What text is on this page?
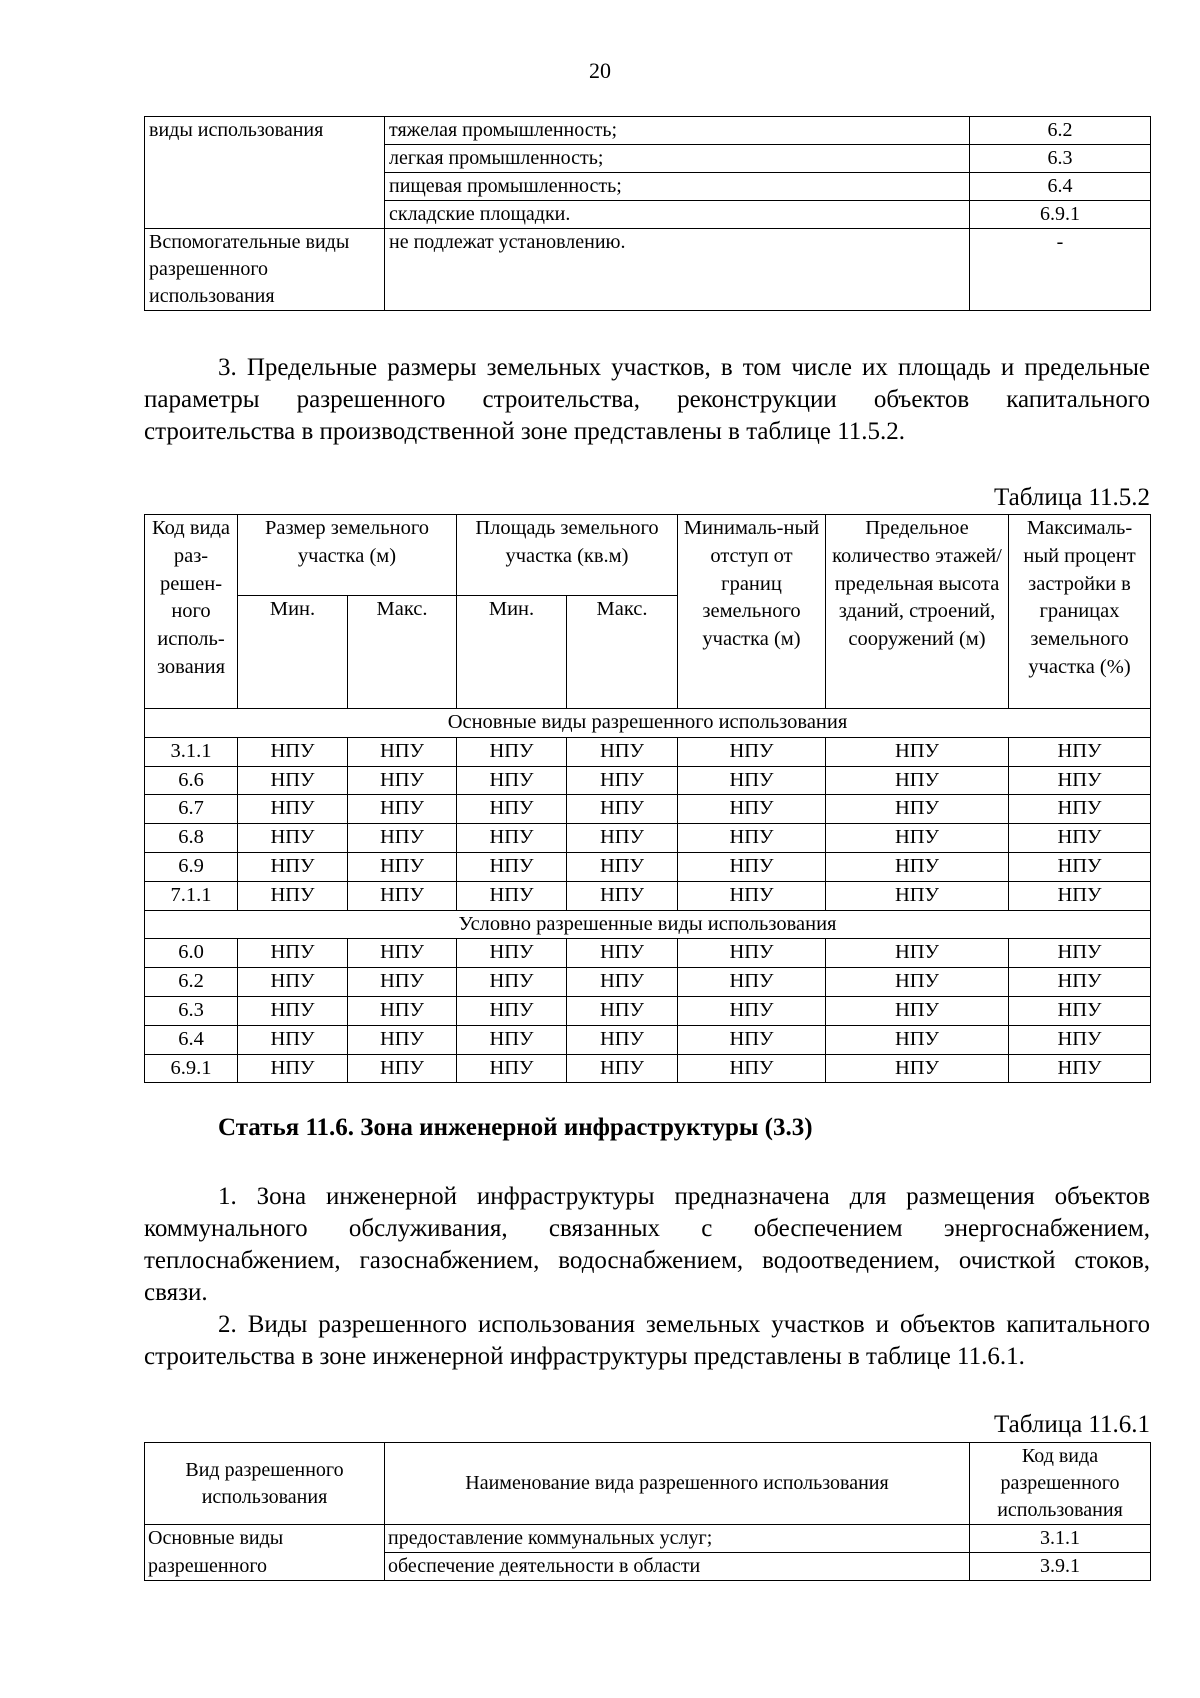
20
виды использования	тяжелая промышленность;	6.2
	легкая промышленность;	6.3
	пищевая промышленность;	6.4
	складские площадки.	6.9.1
Вспомогательные виды разрешенного использования	не подлежат установлению.	-

3. Предельные размеры земельных участков, в том числе их площадь и предельные параметры разрешенного строительства, реконструкции объектов капитального строительства в производственной зоне представлены в таблице 11.5.2.

Таблица 11.5.2

Код вида раз-решен-ного исполь-зования	Размер земельного участка (м)		Площадь земельного участка (кв.м)		Минималь-ный отступ от границ земельного участка (м)	Предельное количество этажей/ предельная высота зданий, строений, сооружений (м)	Максималь-ный процент застройки в границах земельного участка (%)
	Мин.	Макс.	Мин.	Макс.			
Основные виды разрешенного использования							
3.1.1	НПУ	НПУ	НПУ	НПУ	НПУ	НПУ	НПУ
6.6	НПУ	НПУ	НПУ	НПУ	НПУ	НПУ	НПУ
6.7	НПУ	НПУ	НПУ	НПУ	НПУ	НПУ	НПУ
6.8	НПУ	НПУ	НПУ	НПУ	НПУ	НПУ	НПУ
6.9	НПУ	НПУ	НПУ	НПУ	НПУ	НПУ	НПУ
7.1.1	НПУ	НПУ	НПУ	НПУ	НПУ	НПУ	НПУ
Условно разрешенные виды использования							
6.0	НПУ	НПУ	НПУ	НПУ	НПУ	НПУ	НПУ
6.2	НПУ	НПУ	НПУ	НПУ	НПУ	НПУ	НПУ
6.3	НПУ	НПУ	НПУ	НПУ	НПУ	НПУ	НПУ
6.4	НПУ	НПУ	НПУ	НПУ	НПУ	НПУ	НПУ
6.9.1	НПУ	НПУ	НПУ	НПУ	НПУ	НПУ	НПУ

Статья 11.6. Зона инженерной инфраструктуры (3.3)

1. Зона инженерной инфраструктуры предназначена для размещения объектов коммунального обслуживания, связанных с обеспечением энергоснабжением, теплоснабжением, газоснабжением, водоснабжением, водоотведением, очисткой стоков, связи.

2. Виды разрешенного использования земельных участков и объектов капитального строительства в зоне инженерной инфраструктуры представлены в таблице 11.6.1.

Таблица 11.6.1

Вид разрешенного использования	Наименование вида разрешенного использования	Код вида разрешенного использования
Основные виды	предоставление коммунальных услуг;	3.1.1
разрешенного	обеспечение деятельности в области	3.9.1
